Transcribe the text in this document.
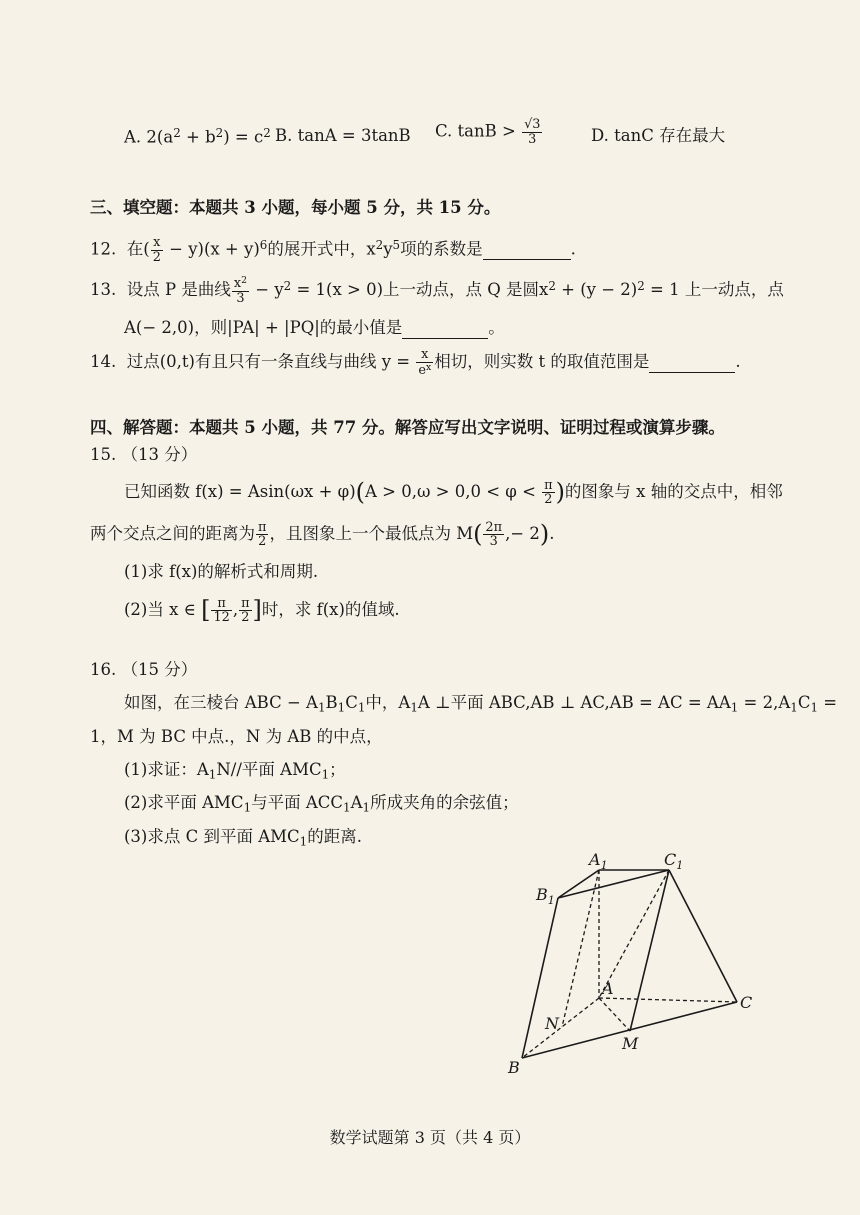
A. $2(a^2 + b^2) = c^2$ B. tanA = 3tanB C. $\tan B > \frac{√3}{3}$	D. tanC 存在最大
三、填空题：本题共 3 小题，每小题 5 分，共 15 分。
12. 在( $\frac{x}{2} - y)(x + y)^6$的展开式中，$x^2y^5$项的系数是	.
13. 设点 P 是曲线 $\frac{x^2}{3} - y^2 = 1(x > 0)$上一动点，点 Q 是圆$x^2 + (y - 2)^2 = 1$ 上一动点，点
A(− 2,0)，则|PA| + |PQ|的最小值是	。
14. 过点(0,t)有且只有一条直线与曲线 $y = \frac{x}{e^x}$ 相切，则实数 t 的取值范围是	.
四、解答题：本题共 5 小题，共 77 分。解答应写出文字说明、证明过程或演算步骤。
15. （13 分）
已知函数 $f(x) = Asin(\omega x + \varphi)(A > 0,\omega > 0,0 < \varphi < \frac{\pi}{2}$ )的图象与 x 轴的交点中，相邻
两个交点之间的距离为 $\frac{\pi}{2}$ ，且图象上一个最低点为 $M( \frac{2\pi}{3}$ ,− 2).
(1)求 f(x)的解析式和周期.
(2)当 x ∈ [ $\frac{\pi}{12}$ , $\frac{\pi}{2}$ ]时，求 f(x)的值域.
16. （15 分）
如图，在三棱台 ABC − $A_1B_1C_1$中，$A_1A$ ⊥平面 ABC,AB ⊥ AC,AB = AC = $AA_1 = 2,A_1C_1$ =
1，M 为 BC 中点.，N 为 AB 的中点，
(1)求证：$A_1N//$平面 $AMC_1$；
(2)求平面 $AMC_1$与平面 $ACC_1A_1$所成夹角的余弦值；
(3)求点 C 到平面 $AMC_1$的距离.
$A_1$	$C_1$
$B_1$
A
C
N
M
B
数学试题第 3 页（共 4 页）
